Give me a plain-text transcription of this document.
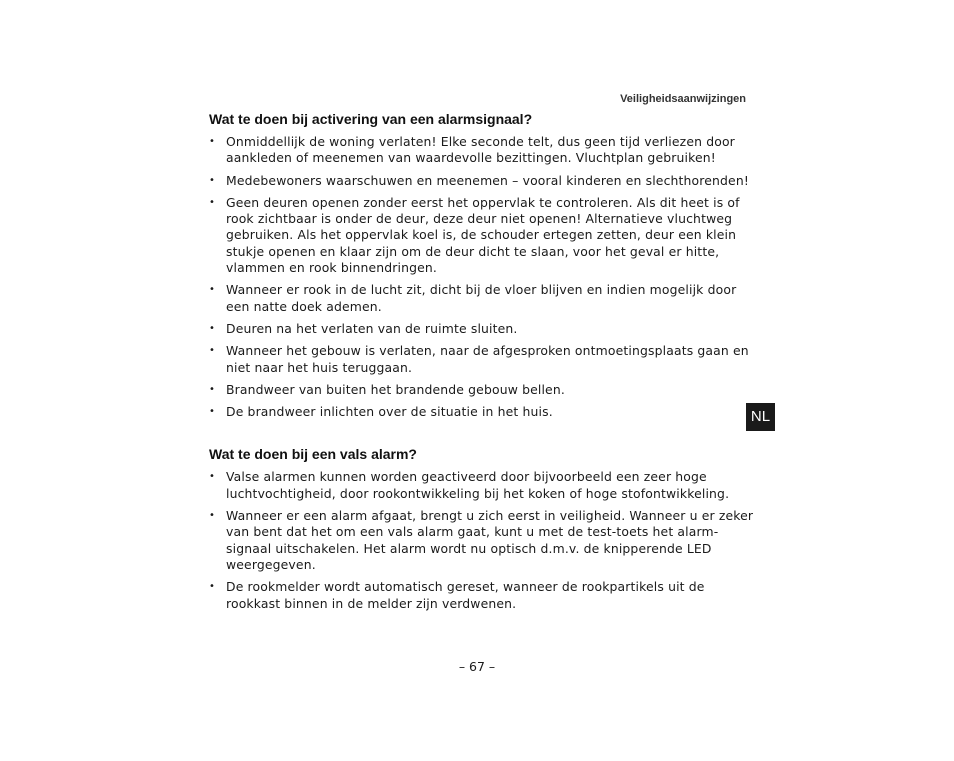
Veiligheidsaanwijzingen
Wat te doen bij activering van een alarmsignaal?
• Onmiddellijk de woning verlaten! Elke seconde telt, dus geen tijd verliezen door aankleden of meenemen van waardevolle bezittingen. Vluchtplan gebruiken!
• Medebewoners waarschuwen en meenemen – vooral kinderen en slechthorenden!
• Geen deuren openen zonder eerst het oppervlak te controleren. Als dit heet is of rook zichtbaar is onder de deur, deze deur niet openen! Alternatieve vluchtweg gebruiken. Als het oppervlak koel is, de schouder ertegen zetten, deur een klein stukje openen en klaar zijn om de deur dicht te slaan, voor het geval er hitte, vlammen en rook binnendringen.
• Wanneer er rook in de lucht zit, dicht bij de vloer blijven en indien mogelijk door een natte doek ademen.
• Deuren na het verlaten van de ruimte sluiten.
• Wanneer het gebouw is verlaten, naar de afgesproken ontmoetingsplaats gaan en niet naar het huis teruggaan.
• Brandweer van buiten het brandende gebouw bellen.
• De brandweer inlichten over de situatie in het huis.
Wat te doen bij een vals alarm?
• Valse alarmen kunnen worden geactiveerd door bijvoorbeeld een zeer hoge luchtvochtigheid, door rookontwikkeling bij het koken of hoge stofontwikkeling.
• Wanneer er een alarm afgaat, brengt u zich eerst in veiligheid. Wanneer u er zeker van bent dat het om een vals alarm gaat, kunt u met de test-toets het alarm-signaal uitschakelen. Het alarm wordt nu optisch d.m.v. de knipperende LED weergegeven.
• De rookmelder wordt automatisch gereset, wanneer de rookpartikels uit de rookkast binnen in de melder zijn verdwenen.
NL
– 67 –
